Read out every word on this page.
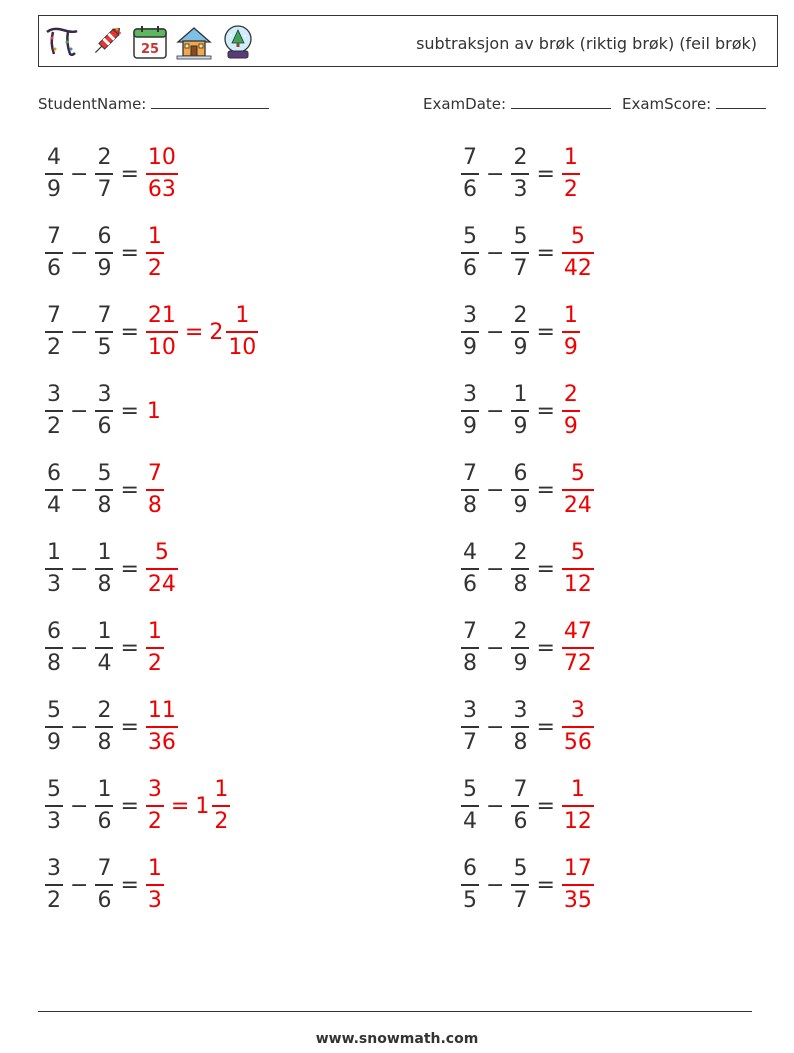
25	subtraksjon av brøk (riktig brøk) (feil brøk)
StudentName:	ExamDate:	ExamScore:
$\frac{4}{9} - \frac{2}{7} = \frac{10}{63}$
$\frac{7}{6} - \frac{6}{9} = \frac{1}{2}$
$\frac{7}{2} - \frac{7}{5} = \frac{21}{10} = 2 \frac{1}{10}$
$\frac{3}{2} - \frac{3}{6} = 1$
$\frac{6}{4} - \frac{5}{8} = \frac{7}{8}$
$\frac{1}{3} - \frac{1}{8} = \frac{5}{24}$
$\frac{6}{8} - \frac{1}{4} = \frac{1}{2}$
$\frac{5}{9} - \frac{2}{8} = \frac{11}{36}$
$\frac{5}{3} - \frac{1}{6} = \frac{3}{2} = 1 \frac{1}{2}$
$\frac{3}{2} - \frac{7}{6} = \frac{1}{3}$
$\frac{7}{6} - \frac{2}{3} = \frac{1}{2}$
$\frac{5}{6} - \frac{5}{7} = \frac{5}{42}$
$\frac{3}{9} - \frac{2}{9} = \frac{1}{9}$
$\frac{3}{9} - \frac{1}{9} = \frac{2}{9}$
$\frac{7}{8} - \frac{6}{9} = \frac{5}{24}$
$\frac{4}{6} - \frac{2}{8} = \frac{5}{12}$
$\frac{7}{8} - \frac{2}{9} = \frac{47}{72}$
$\frac{3}{7} - \frac{3}{8} = \frac{3}{56}$
$\frac{5}{4} - \frac{7}{6} = \frac{1}{12}$
$\frac{6}{5} - \frac{5}{7} = \frac{17}{35}$
www.snowmath.com
